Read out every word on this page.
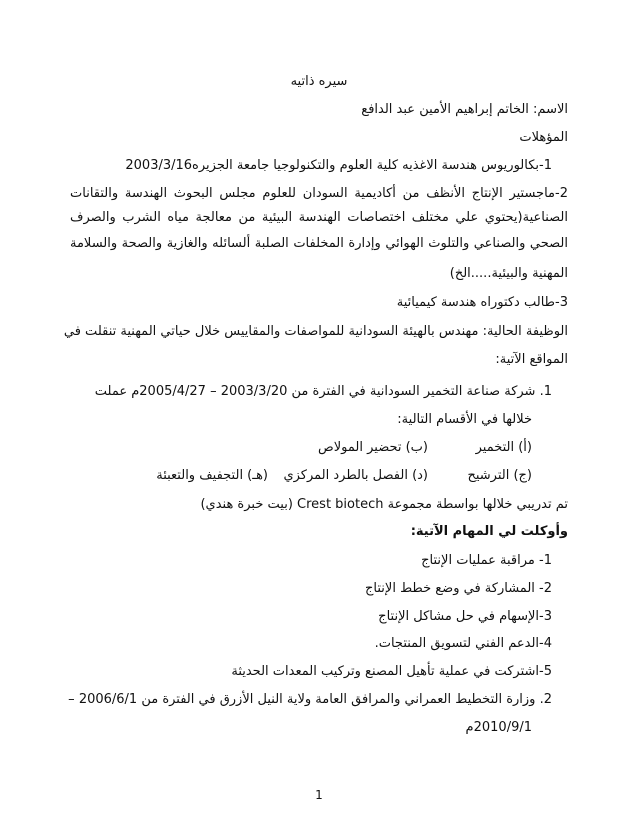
سيره ذاتيه
الاسم: الخاتم إبراهيم الأمين عبد الدافع
المؤهلات
1-بكالوريوس هندسة الاغذيه كلية العلوم والتكنولوجيا جامعة الجزيره2003/3/16
2-ماجستير الإنتاج الأنظف من أكاديمية السودان للعلوم مجلس البحوث الهندسة والتقانات
الصناعية(يحتوي علي مختلف اختصاصات الهندسة البيئية من معالجة مياه الشرب والصرف
الصحي والصناعي والتلوث الهوائي وإدارة المخلفات الصلبة ألسائله والغازية والصحة والسلامة
المهنية والبيئية.....الخ)
3-طالب دكتوراه هندسة كيميائية
الوظيفة الحالية: مهندس بالهيئة السودانية للمواصفات والمقاييس خلال حياتي المهنية تنقلت في
المواقع الآتية:
1. شركة صناعة التخمير السودانية في الفترة من 2003/3/20 – 2005/4/27م عملت
خلالها في الأقسام التالية:
(أ) التخمير(ب) تحضير المولاص
(ج) الترشيح(د) الفصل بالطرد المركزي(هـ) التجفيف والتعبئة
تم تدريبي خلالها بواسطة مجموعة Crest biotech (بيت خبرة هندي)
وأوكلت لي المهام الآتية:
1- مراقبة عمليات الإنتاج
2- المشاركة في وضع خطط الإنتاج
3-الإسهام في حل مشاكل الإنتاج
4-الدعم الفني لتسويق المنتجات.
5-اشتركت في عملية تأهيل المصنع وتركيب المعدات الحديثة
2. وزارة التخطيط العمراني والمرافق العامة ولاية النيل الأزرق في الفترة من 2006/6/1 –
2010/9/1م
1
